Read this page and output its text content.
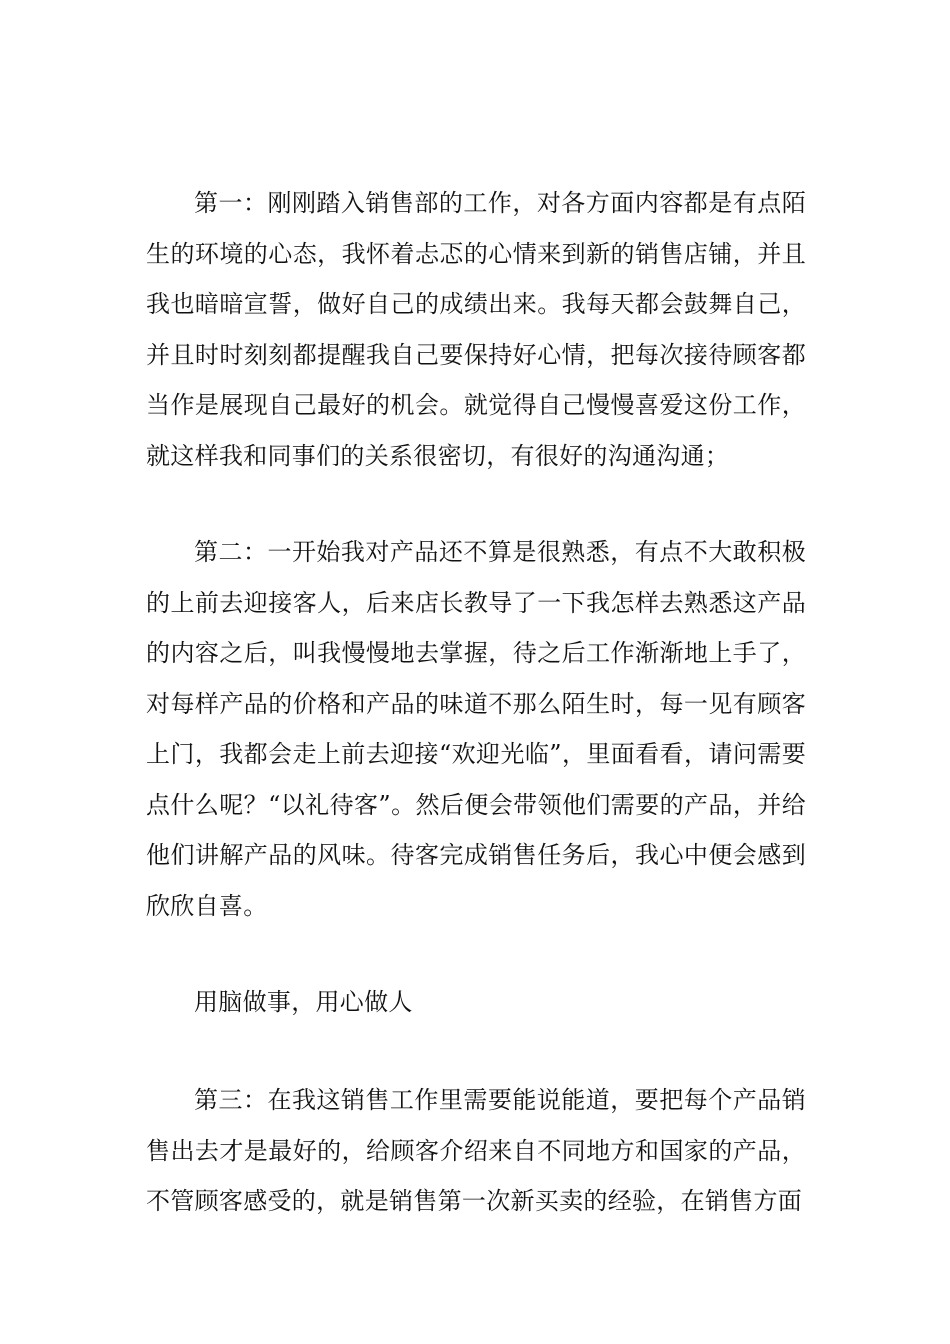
第一：刚刚踏入销售部的工作，对各方面内容都是有点陌生的环境的心态，我怀着忐忑的心情来到新的销售店铺，并且我也暗暗宣誓，做好自己的成绩出来。我每天都会鼓舞自己，并且时时刻刻都提醒我自己要保持好心情，把每次接待顾客都当作是展现自己最好的机会。就觉得自己慢慢喜爱这份工作，就这样我和同事们的关系很密切，有很好的沟通沟通；

第二：一开始我对产品还不算是很熟悉，有点不大敢积极的上前去迎接客人，后来店长教导了一下我怎样去熟悉这产品的内容之后，叫我慢慢地去掌握，待之后工作渐渐地上手了，对每样产品的价格和产品的味道不那么陌生时，每一见有顾客上门，我都会走上前去迎接“欢迎光临”，里面看看，请问需要点什么呢？“以礼待客”。然后便会带领他们需要的产品，并给他们讲解产品的风味。待客完成销售任务后，我心中便会感到欣欣自喜。

用脑做事，用心做人

第三：在我这销售工作里需要能说能道，要把每个产品销售出去才是最好的，给顾客介绍来自不同地方和国家的产品，不管顾客感受的，就是销售第一次新买卖的经验，在销售方面
